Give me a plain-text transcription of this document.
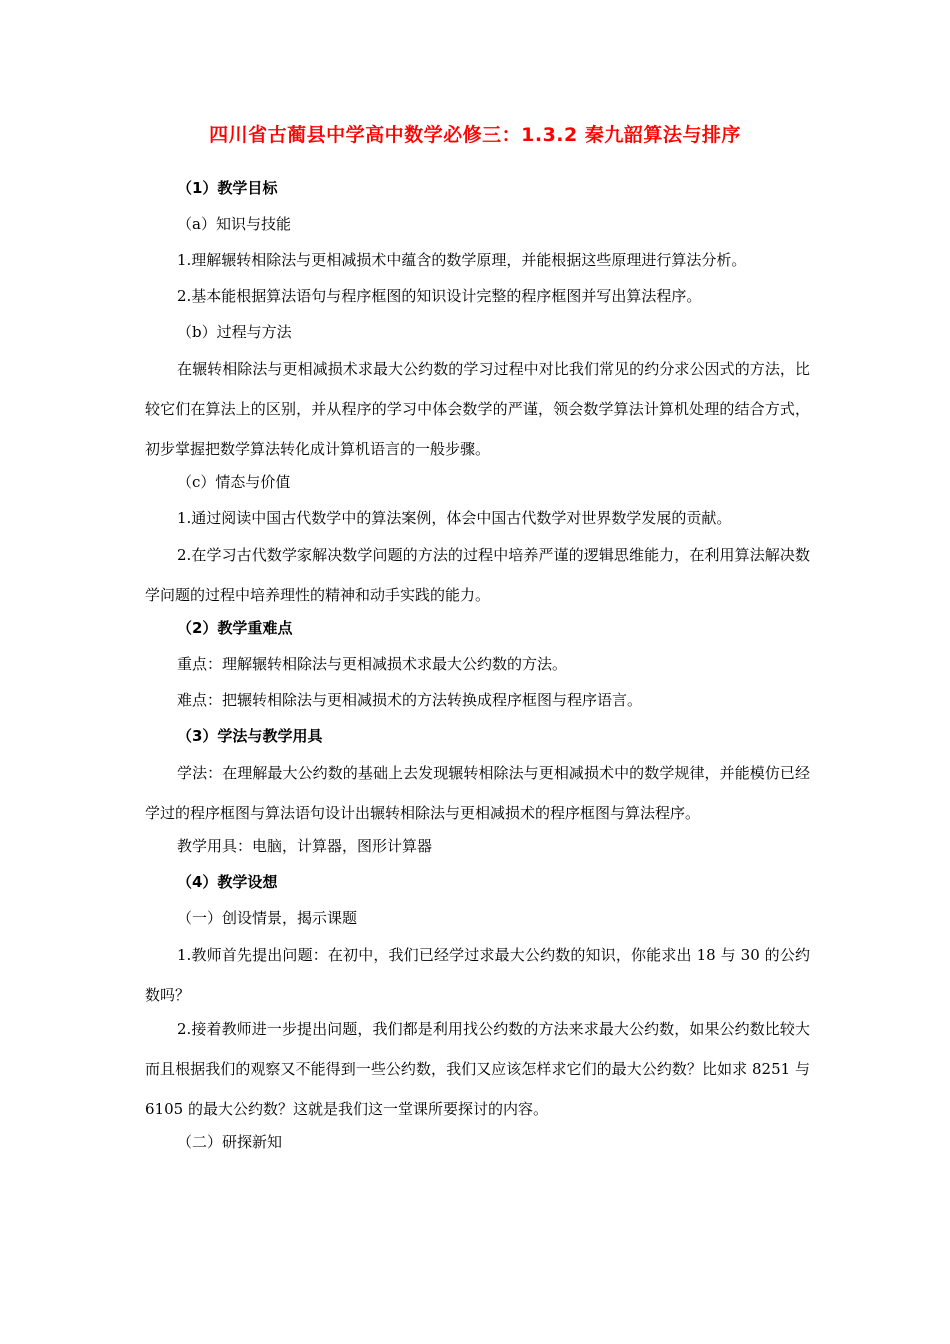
四川省古蔺县中学高中数学必修三：1.3.2 秦九韶算法与排序

（1）教学目标

（a）知识与技能

1.理解辗转相除法与更相减损术中蕴含的数学原理，并能根据这些原理进行算法分析。

2.基本能根据算法语句与程序框图的知识设计完整的程序框图并写出算法程序。

（b）过程与方法

在辗转相除法与更相减损术求最大公约数的学习过程中对比我们常见的约分求公因式的方法，比较它们在算法上的区别，并从程序的学习中体会数学的严谨，领会数学算法计算机处理的结合方式，初步掌握把数学算法转化成计算机语言的一般步骤。

（c）情态与价值

1.通过阅读中国古代数学中的算法案例，体会中国古代数学对世界数学发展的贡献。

2.在学习古代数学家解决数学问题的方法的过程中培养严谨的逻辑思维能力，在利用算法解决数学问题的过程中培养理性的精神和动手实践的能力。

（2）教学重难点

重点：理解辗转相除法与更相减损术求最大公约数的方法。

难点：把辗转相除法与更相减损术的方法转换成程序框图与程序语言。

（3）学法与教学用具

学法：在理解最大公约数的基础上去发现辗转相除法与更相减损术中的数学规律，并能模仿已经学过的程序框图与算法语句设计出辗转相除法与更相减损术的程序框图与算法程序。

教学用具：电脑，计算器，图形计算器

（4）教学设想

（一）创设情景，揭示课题

1.教师首先提出问题：在初中，我们已经学过求最大公约数的知识，你能求出 18 与 30 的公约数吗？

2.接着教师进一步提出问题，我们都是利用找公约数的方法来求最大公约数，如果公约数比较大而且根据我们的观察又不能得到一些公约数，我们又应该怎样求它们的最大公约数？比如求 8251 与 6105 的最大公约数？这就是我们这一堂课所要探讨的内容。

（二）研探新知
